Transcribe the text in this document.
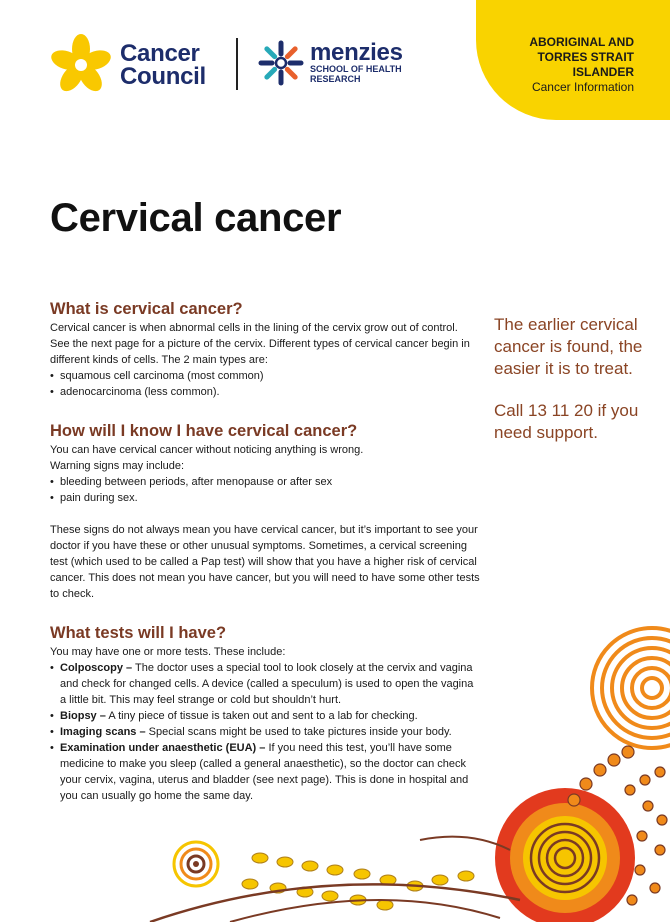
ABORIGINAL AND
TORRES STRAIT
ISLANDER
Cancer Information
Cancer
Council
menzies
SCHOOL OF HEALTH
RESEARCH
Cervical cancer
What is cervical cancer?

Cervical cancer is when abnormal cells in the lining of the cervix grow out of control. See the next page for a picture of the cervix. Different types of cervical cancer begin in different kinds of cells. The 2 main types are:

• squamous cell carcinoma (most common)
• adenocarcinoma (less common).
How will I know I have cervical cancer?

You can have cervical cancer without noticing anything is wrong.

Warning signs may include:

• bleeding between periods, after menopause or after sex
• pain during sex.

These signs do not always mean you have cervical cancer, but it’s important to see your doctor if you have these or other unusual symptoms. Sometimes, a cervical screening test (which used to be called a Pap test) will show that you have a higher risk of cervical cancer. This does not mean you have cancer, but you will need to have some other tests to check.

What tests will I have?

You may have one or more tests. These include:

• Colposcopy – The doctor uses a special tool to look closely at the cervix and vagina and check for changed cells. A device (called a speculum) is used to open the vagina a little bit. This may feel strange or cold but shouldn’t hurt.
• Biopsy – A tiny piece of tissue is taken out and sent to a lab for checking.
• Imaging scans – Special scans might be used to take pictures inside your body.
• Examination under anaesthetic (EUA) – If you need this test, you’ll have some medicine to make you sleep (called a general anaesthetic), so the doctor can check your cervix, vagina, uterus and bladder (see next page). This is done in hospital and you can usually go home the same day.

The earlier cervical cancer is found, the easier it is to treat.

Call 13 11 20 if you need support.
